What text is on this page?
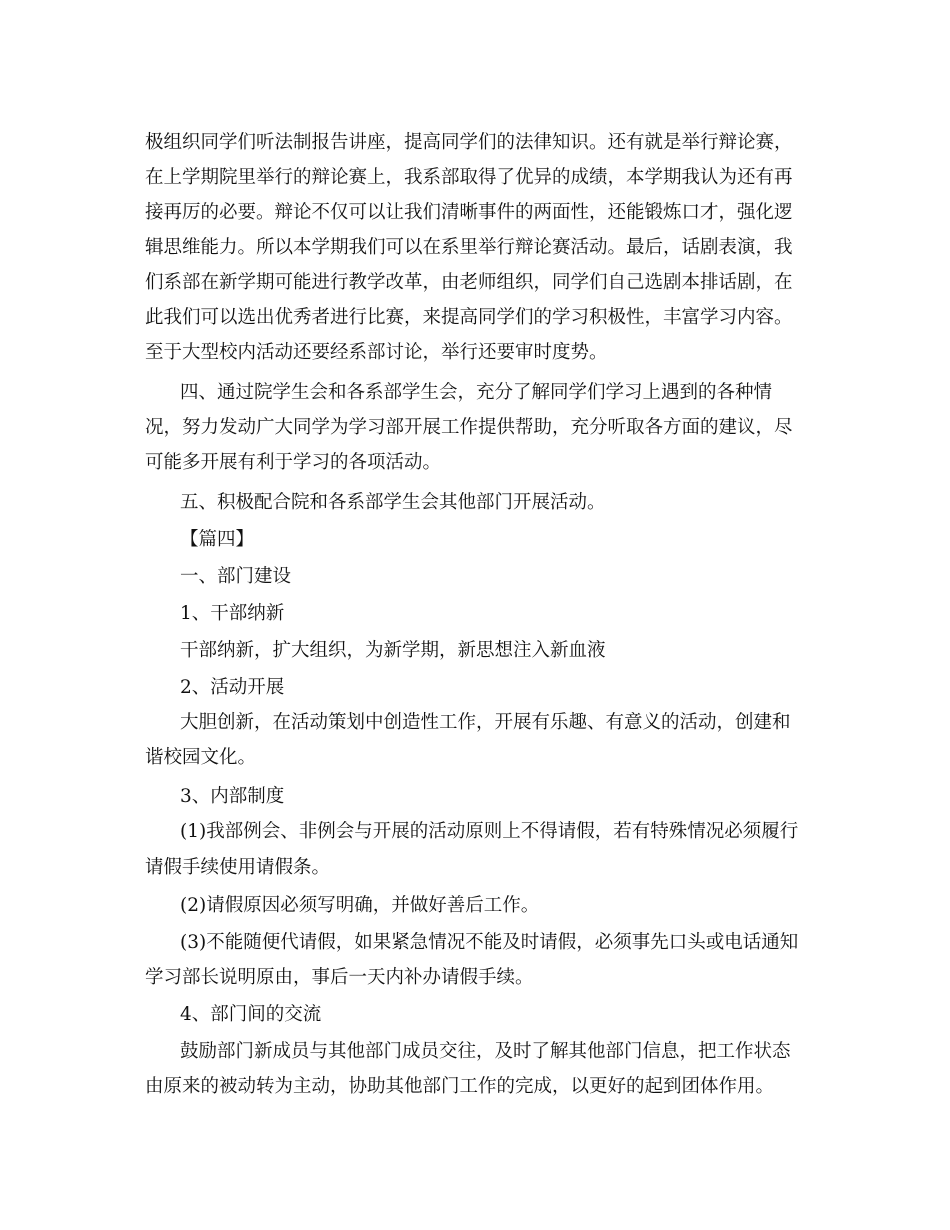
极组织同学们听法制报告讲座，提高同学们的法律知识。还有就是举行辩论赛，
在上学期院里举行的辩论赛上，我系部取得了优异的成绩，本学期我认为还有再
接再厉的必要。辩论不仅可以让我们清晰事件的两面性，还能锻炼口才，强化逻
辑思维能力。所以本学期我们可以在系里举行辩论赛活动。最后，话剧表演，我
们系部在新学期可能进行教学改革，由老师组织，同学们自己选剧本排话剧，在
此我们可以选出优秀者进行比赛，来提高同学们的学习积极性，丰富学习内容。
至于大型校内活动还要经系部讨论，举行还要审时度势。
四、通过院学生会和各系部学生会，充分了解同学们学习上遇到的各种情
况，努力发动广大同学为学习部开展工作提供帮助，充分听取各方面的建议，尽
可能多开展有利于学习的各项活动。
五、积极配合院和各系部学生会其他部门开展活动。
【篇四】
一、部门建设
1、干部纳新
干部纳新，扩大组织，为新学期，新思想注入新血液
2、活动开展
大胆创新，在活动策划中创造性工作，开展有乐趣、有意义的活动，创建和
谐校园文化。
3、内部制度
(1)我部例会、非例会与开展的活动原则上不得请假，若有特殊情况必须履行
请假手续使用请假条。
(2)请假原因必须写明确，并做好善后工作。
(3)不能随便代请假，如果紧急情况不能及时请假，必须事先口头或电话通知
学习部长说明原由，事后一天内补办请假手续。
4、部门间的交流
鼓励部门新成员与其他部门成员交往，及时了解其他部门信息，把工作状态
由原来的被动转为主动，协助其他部门工作的完成，以更好的起到团体作用。
